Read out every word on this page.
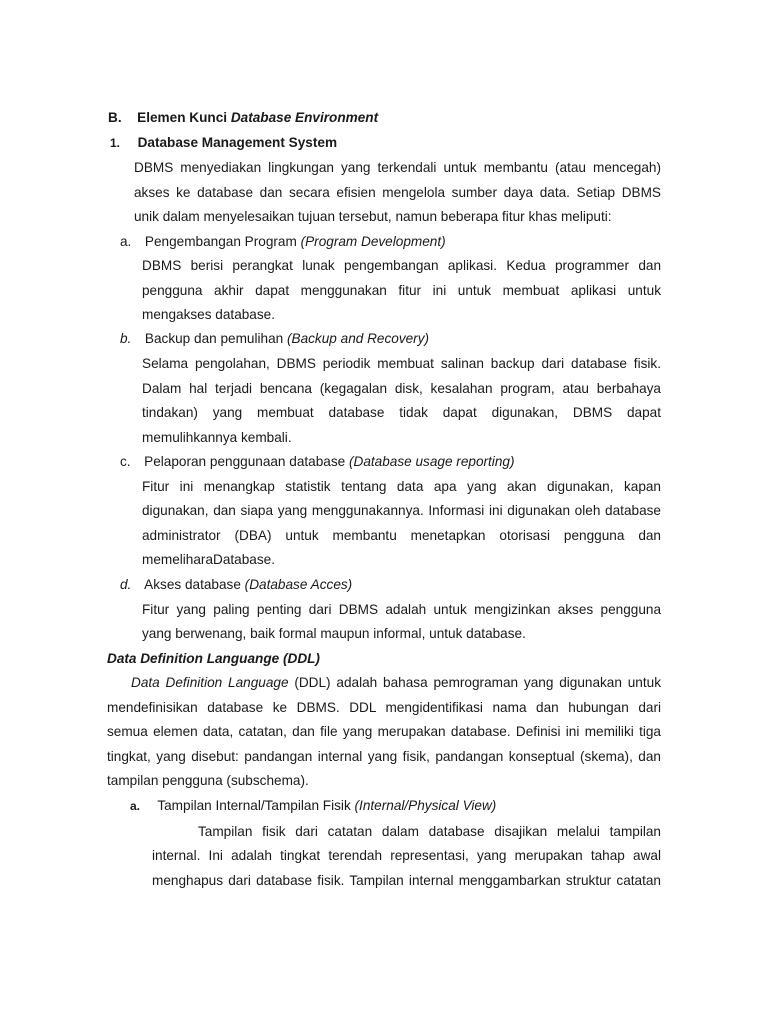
B. Elemen Kunci Database Environment
1. Database Management System
DBMS menyediakan lingkungan yang terkendali untuk membantu (atau mencegah)
akses ke database dan secara efisien mengelola sumber daya data. Setiap DBMS
unik dalam menyelesaikan tujuan tersebut, namun beberapa fitur khas meliputi:
a. Pengembangan Program (Program Development)
DBMS berisi perangkat lunak pengembangan aplikasi. Kedua programmer dan
pengguna akhir dapat menggunakan fitur ini untuk membuat aplikasi untuk
mengakses database.
b. Backup dan pemulihan (Backup and Recovery)
Selama pengolahan, DBMS periodik membuat salinan backup dari database fisik.
Dalam hal terjadi bencana (kegagalan disk, kesalahan program, atau berbahaya
tindakan) yang membuat database tidak dapat digunakan, DBMS dapat
memulihkannya kembali.
c. Pelaporan penggunaan database (Database usage reporting)
Fitur ini menangkap statistik tentang data apa yang akan digunakan, kapan
digunakan, dan siapa yang menggunakannya. Informasi ini digunakan oleh database
administrator (DBA) untuk membantu menetapkan otorisasi pengguna dan
memeliharaDatabase.
d. Akses database (Database Acces)
Fitur yang paling penting dari DBMS adalah untuk mengizinkan akses pengguna
yang berwenang, baik formal maupun informal, untuk database.
Data Definition Languange (DDL)
Data Definition Language (DDL) adalah bahasa pemrograman yang digunakan untuk
mendefinisikan database ke DBMS. DDL mengidentifikasi nama dan hubungan dari
semua elemen data, catatan, dan file yang merupakan database. Definisi ini memiliki tiga
tingkat, yang disebut: pandangan internal yang fisik, pandangan konseptual (skema), dan
tampilan pengguna (subschema).
a. Tampilan Internal/Tampilan Fisik (Internal/Physical View)
Tampilan fisik dari catatan dalam database disajikan melalui tampilan
internal. Ini adalah tingkat terendah representasi, yang merupakan tahap awal
menghapus dari database fisik. Tampilan internal menggambarkan struktur catatan
